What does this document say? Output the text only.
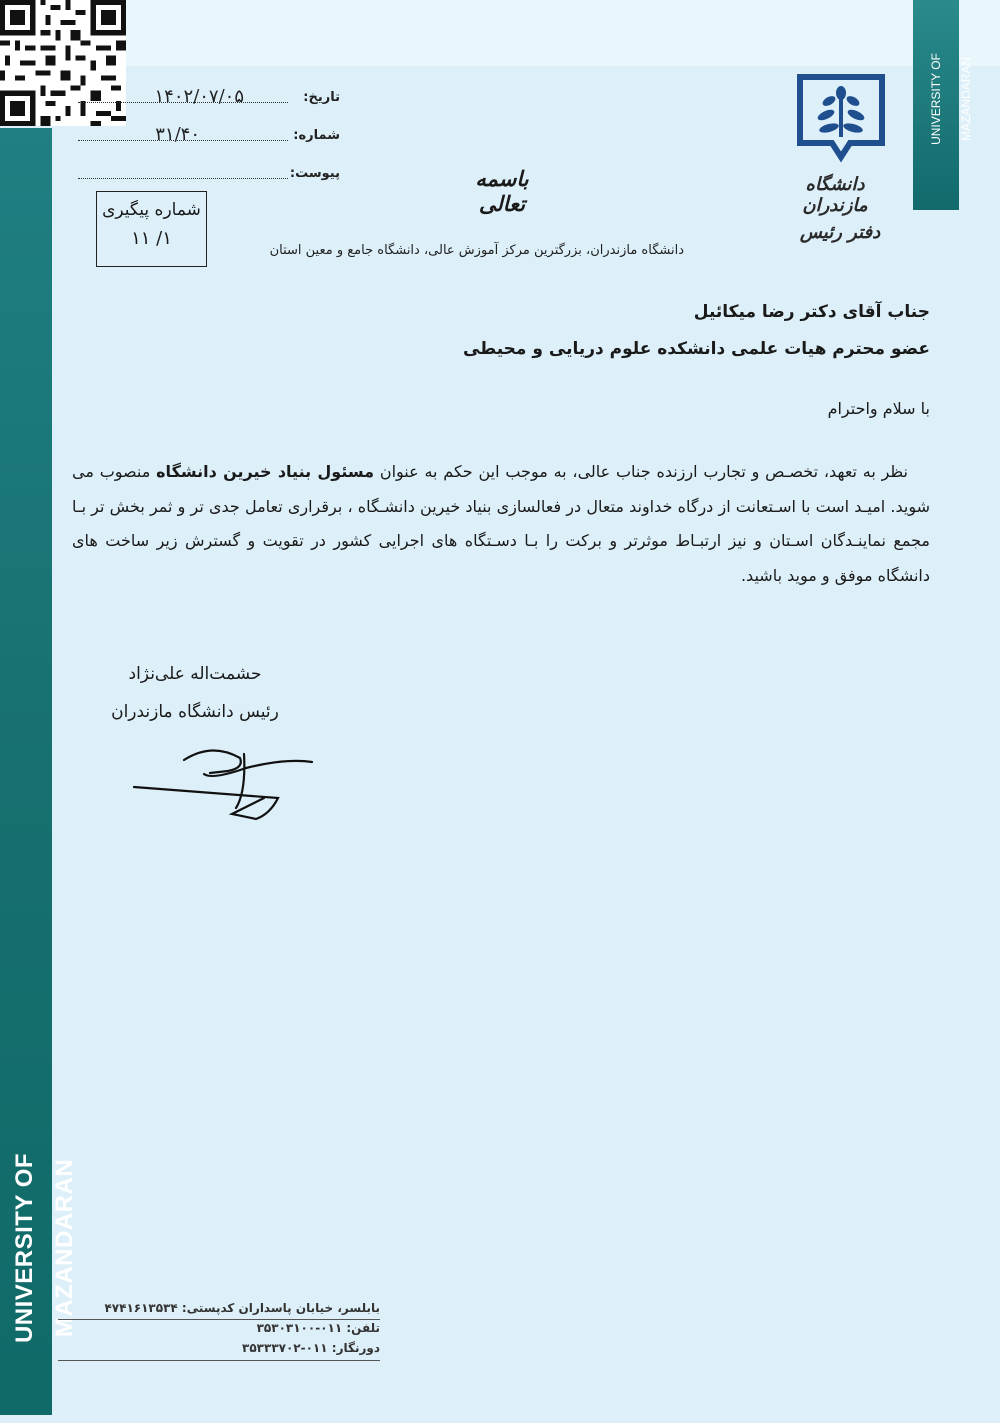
UNIVERSITY OF MAZANDARAN
UNIVERSITY OF MAZANDARAN
تاریخ:
۱۴۰۲/۰۷/۰۵
شماره:
۳۱/۴۰
پیوست:
شماره پیگیری
۱/ ۱۱
باسمه تعالی
دانشگاه مازندران، بزرگترین مرکز آموزش عالی، دانشگاه جامع و معین استان
دانشگاه مازندران
دفتر رئیس
جناب آقای دکتر رضا میکائیل
عضو محترم هیات علمی دانشکده علوم دریایی و محیطی
با سلام واحترام
نظر به تعهد، تخصـص و تجارب ارزنده جناب عالی، به موجب این حکم به عنوان مسئول بنیاد خیرین دانشگاه منصوب می شوید. امیـد است با اسـتعانت از درگاه خداوند متعال در فعالسازی بنیاد خیرین دانشـگاه ، برقراری تعامل جدی تر و ثمر بخش تر بـا مجمع نماینـدگان اسـتان و نیز ارتبـاط موثرتر و برکت را بـا دسـتگاه های اجرایی کشور در تقویت و گسترش زیر ساخت های دانشگاه موفق و موید باشید.
حشمت‌اله علی‌نژاد
رئیس دانشگاه مازندران
بابلسر، خیابان پاسداران کدپستی: ۴۷۴۱۶۱۳۵۳۴
تلفن: ۰۱۱-۳۵۳۰۳۱۰۰
دورنگار: ۰۱۱-۳۵۳۳۳۷۰۲
